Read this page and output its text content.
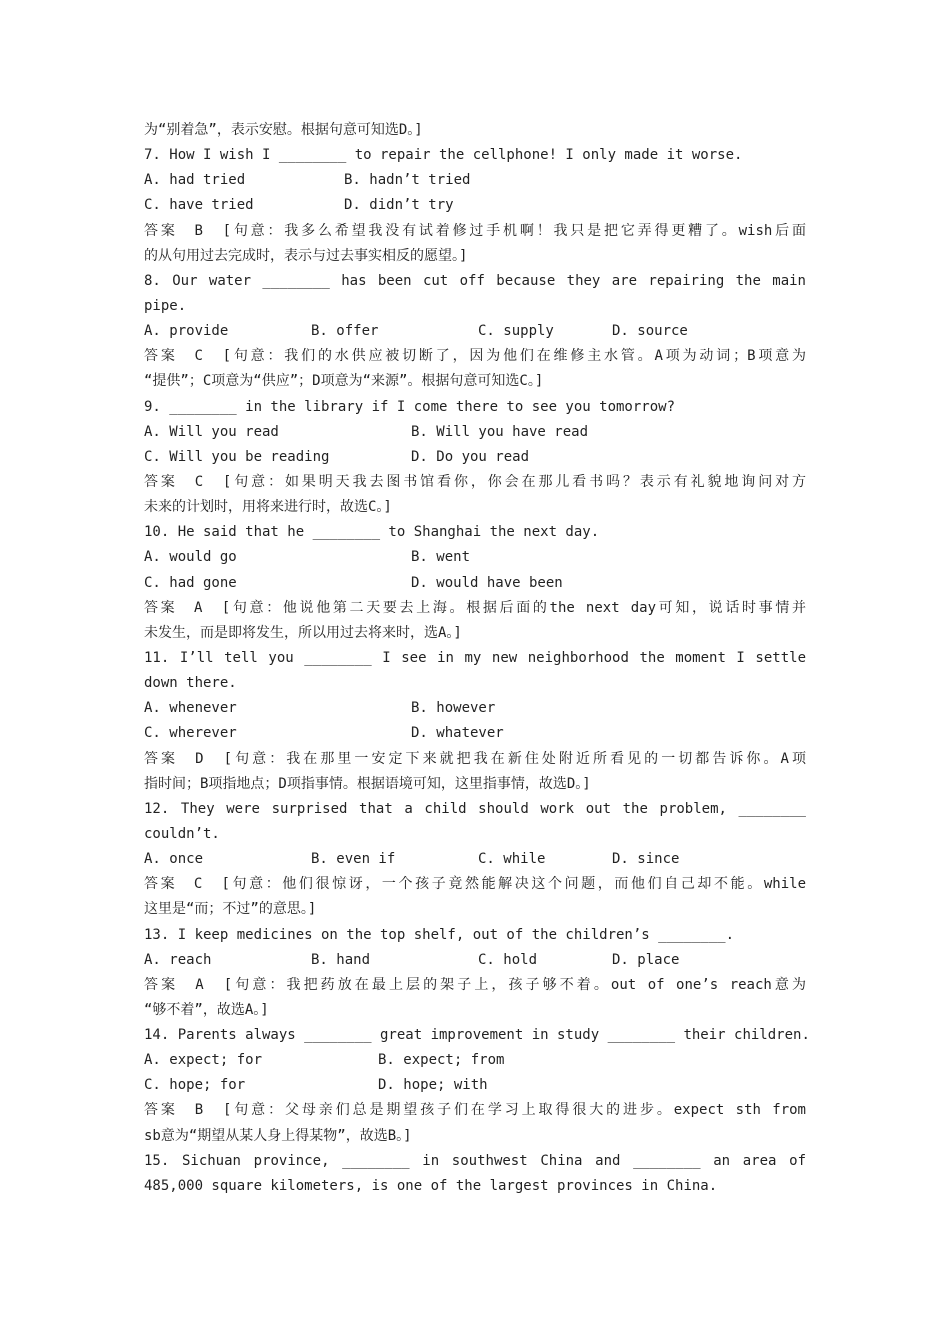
为“别着急”，表示安慰。根据句意可知选D。]
7. How I wish I ________ to repair the cellphone! I only made it worse.
A. had tried	B. hadn’t tried
C. have tried	D. didn’t try
答案　B　[句意：我多么希望我没有试着修过手机啊！我只是把它弄得更糟了。wish后面
的从句用过去完成时，表示与过去事实相反的愿望。]
8. Our water ________ has been cut off because they are repairing the main
pipe.
A. provide	B. offer	C. supply	D. source
答案　C　[句意：我们的水供应被切断了，因为他们在维修主水管。A项为动词；B项意为
“提供”；C项意为“供应”；D项意为“来源”。根据句意可知选C。]
9. ________ in the library if I come there to see you tomorrow?
A. Will you read	B. Will you have read
C. Will you be reading	D. Do you read
答案　C　[句意：如果明天我去图书馆看你，你会在那儿看书吗？表示有礼貌地询问对方
未来的计划时，用将来进行时，故选C。]
10. He said that he ________ to Shanghai the next day.
A. would go	B. went
C. had gone	D. would have been
答案　A　[句意：他说他第二天要去上海。根据后面的the next day可知，说话时事情并
未发生，而是即将发生，所以用过去将来时，选A。]
11. I’ll tell you ________ I see in my new neighborhood the moment I settle
down there.
A. whenever	B. however
C. wherever	D. whatever
答案　D　[句意：我在那里一安定下来就把我在新住处附近所看见的一切都告诉你。A项
指时间；B项指地点；D项指事情。根据语境可知，这里指事情，故选D。]
12. They were surprised that a child should work out the problem, ________
couldn’t.
A. once	B. even if	C. while	D. since
答案　C　[句意：他们很惊讶，一个孩子竟然能解决这个问题，而他们自己却不能。while
这里是“而；不过”的意思。]
13. I keep medicines on the top shelf, out of the children’s ________.
A. reach	B. hand	C. hold	D. place
答案　A　[句意：我把药放在最上层的架子上，孩子够不着。out of one’s reach意为
“够不着”，故选A。]
14. Parents always ________ great improvement in study ________ their children.
A. expect; for	B. expect; from
C. hope; for	D. hope; with
答案　B　[句意：父母亲们总是期望孩子们在学习上取得很大的进步。expect sth from
sb意为“期望从某人身上得某物”，故选B。]
15. Sichuan province, ________ in southwest China and ________ an area of
485,000 square kilometers, is one of the largest provinces in China.
